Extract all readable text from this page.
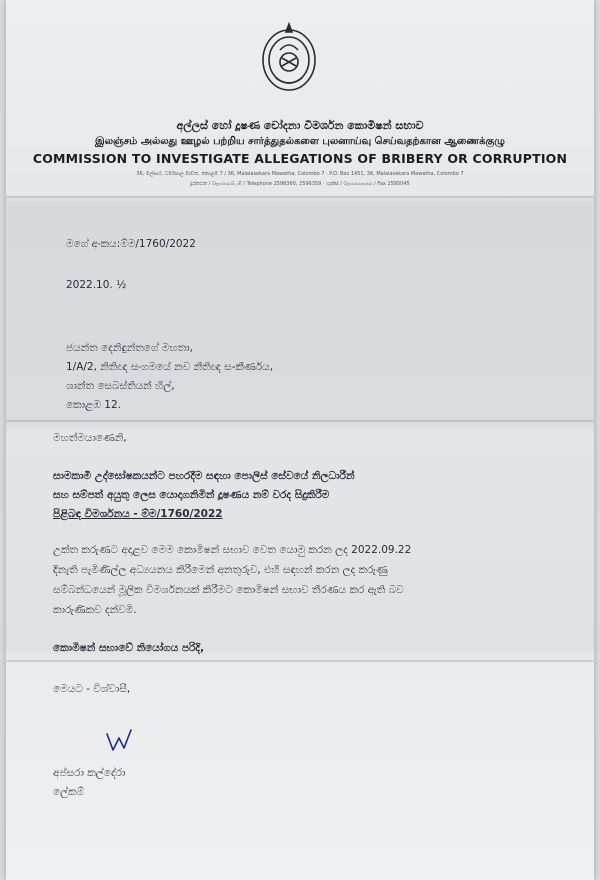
අල්ලස් හෝ දූෂණ චෝදනා විමර්ශන කොමිෂන් සභාව
இலஞ்சம் அல்லது ஊழல் பற்றிய சார்த்துதல்களை புலனாய்வு செய்வதற்கான ஆணைக்குழு
COMMISSION TO INVESTIGATE ALLEGATIONS OF BRIBERY OR CORRUPTION
36, මල්පාර, ධර්මපාල මාවත, කොළඹ 7 / 36, Malalasekara Mawatha, Colombo 7 · P.O. Box 1451, 36, Malalasekara Mawatha, Colombo 7
දුරකථන / தொலைபேசி / Telephone 2596360, 2596359 · ෆැක්ස් / தொலைநகல் / Fax 2595045
මගේ අංකය:ම්ම/1760/2022
2022.10. ½
ජයන්ත දෙනිඳුන්තගේ මහතා,
1/A/2, නිතිඥ සංගමයේ නව නීතිඥ ස-කීර්ණය,
ශාන්ත සෙබස්තියන් හිල්,
කොළඹ 12.
මහත්මයාණෙනි,
සාමකාමී උද්ඝෝෂකයන්ට පහරදීම සඳහා පොලිස් සේවයේ නිලධාරීන්
සහ සම්පත් අයුතු ලෙස යොදාගනිමින් දූෂණය නම් වරද සිදුකිරීම
පිළිබඳ විමර්ශනය - ම්ම/1760/2022
උක්ත කරුණට අදාළව මෙම කොමිෂන් සභාව වෙත යොමු කරන ලද 2022.09.22
දිනැති පැමිණිල්ල අධ්‍යයනය කිරීමෙන් අනතුරුව, එහි සඳහන් කරන ලද කරුණු
සම්බන්ධයෙන් මූලික විමර්ශනයක් කිරීමට කොමිෂන් සභාව තීරණය කර ඇති බව
කාරුණිකව දන්වමි.
කොමිෂන් සභාවේ නියෝගය පරිදි,
මෙයට - විශ්වාසී,
අප්සරා කල්දේරා
ලේකම්
